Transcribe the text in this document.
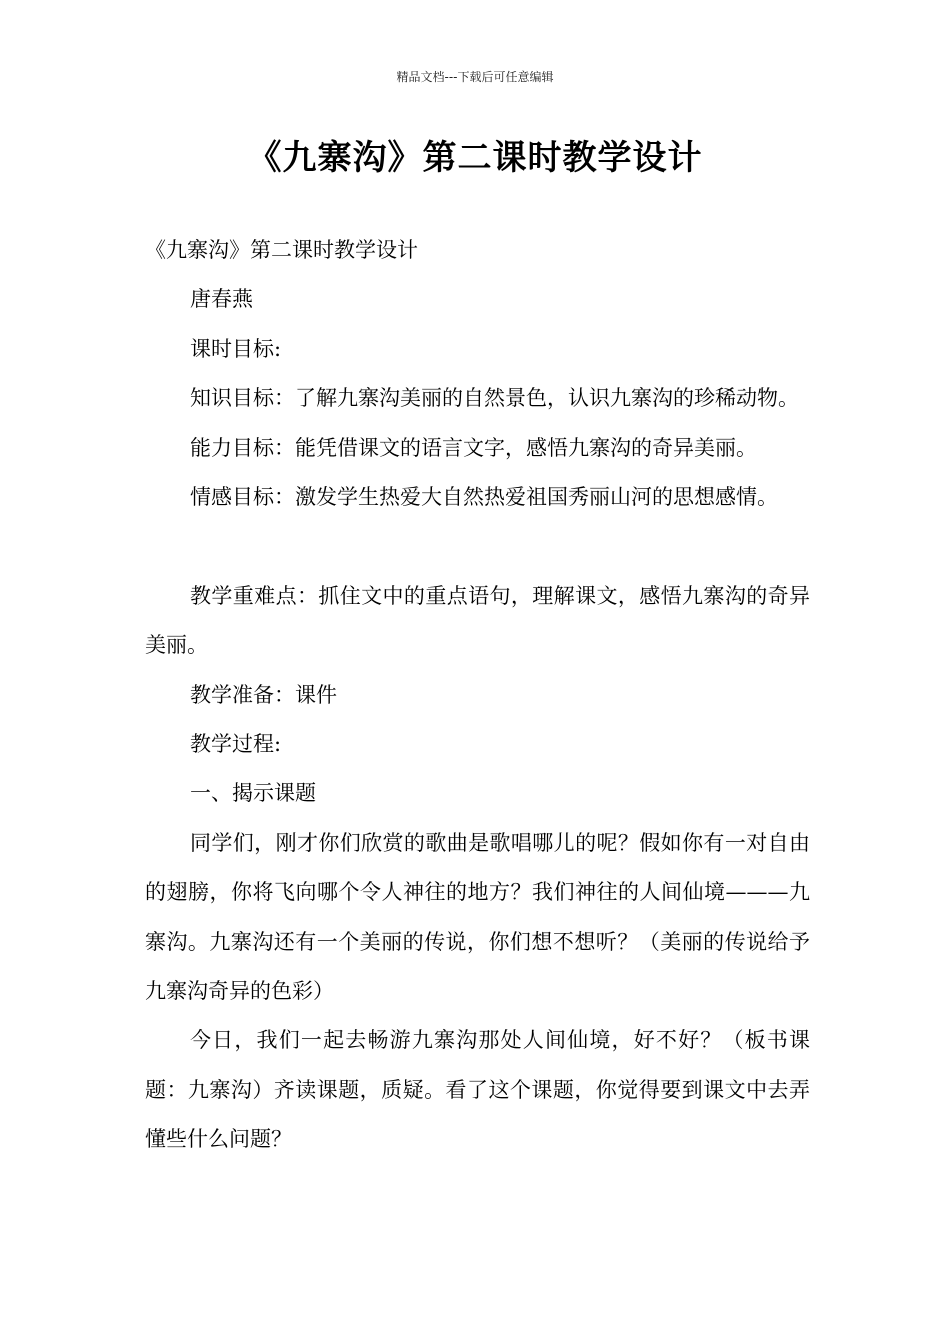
精品文档---下载后可任意编辑
《九寨沟》第二课时教学设计

《九寨沟》第二课时教学设计

唐春燕

课时目标:

知识目标：了解九寨沟美丽的自然景色，认识九寨沟的珍稀动物。

能力目标：能凭借课文的语言文字，感悟九寨沟的奇异美丽。

情感目标：激发学生热爱大自然热爱祖国秀丽山河的思想感情。

教学重难点：抓住文中的重点语句，理解课文，感悟九寨沟的奇异美丽。

教学准备：课件

教学过程:

一、揭示课题

同学们，刚才你们欣赏的歌曲是歌唱哪儿的呢？假如你有一对自由的翅膀，你将飞向哪个令人神往的地方？我们神往的人间仙境———九寨沟。九寨沟还有一个美丽的传说，你们想不想听？（美丽的传说给予九寨沟奇异的色彩）

今日，我们一起去畅游九寨沟那处人间仙境，好不好？（板书课题：九寨沟）齐读课题，质疑。看了这个课题，你觉得要到课文中去弄懂些什么问题？
